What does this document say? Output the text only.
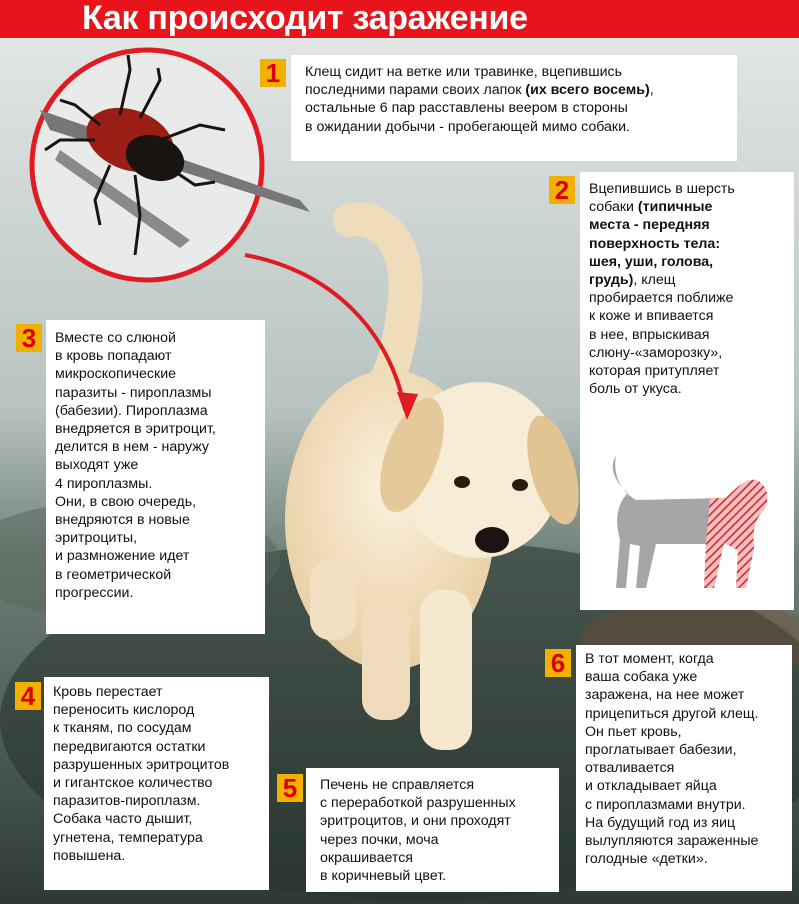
Как происходит заражение

Клещ сидит на ветке или травинке, вцепившись
последними парами своих лапок (их всего восемь),
остальные 6 пар расставлены веером в стороны
в ожидании добычи - пробегающей мимо собаки.

1

Вцепившись в шерсть
собаки (типичные
места - передняя
поверхность тела:
шея, уши, голова,
грудь), клещ
пробирается поближе
к коже и впивается
в нее, впрыскивая
слюну-«заморозку»,
которая притупляет
боль от укуса.

2

Вместе со слюной
в кровь попадают
микроскопические
паразиты - пироплазмы
(бабезии). Пироплазма
внедряется в эритроцит,
делится в нем - наружу
выходят уже
4 пироплазмы.
Они, в свою очередь,
внедряются в новые
эритроциты,
и размножение идет
в геометрической
прогрессии.

3

Кровь перестает
переносить кислород
к тканям, по сосудам
передвигаются остатки
разрушенных эритроцитов
и гигантское количество
паразитов-пироплазм.
Собака часто дышит,
угнетена, температура
повышена.

4

Печень не справляется
с переработкой разрушенных
эритроцитов, и они проходят
через почки, моча
окрашивается
в коричневый цвет.

5

В тот момент, когда
ваша собака уже
заражена, на нее может
прицепиться другой клещ.
Он пьет кровь,
проглатывает бабезии,
отваливается
и откладывает яйца
с пироплазмами внутри.
На будущий год из яиц
вылупляются зараженные
голодные «детки».

6
